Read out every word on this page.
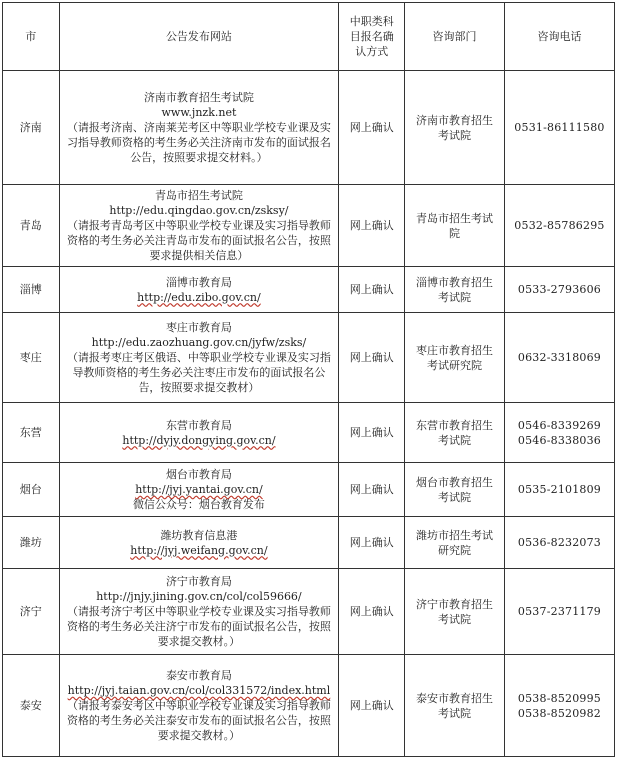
市	公告发布网站	中职类科目报名确认方式	咨询部门	咨询电话
济南	济南市教育招生考试院
www.jnzk.net
（请报考济南、济南莱芜考区中等职业学校专业课及实习指导教师资格的考生务必关注济南市发布的面试报名公告，按照要求提交材料。）	网上确认	济南市教育招生考试院	0531-86111580

青岛	青岛市招生考试院
http://edu.qingdao.gov.cn/zsksy/
（请报考青岛考区中等职业学校专业课及实习指导教师资格的考生务必关注青岛市发布的面试报名公告，按照要求提供相关信息）	网上确认	青岛市招生考试院	0532-85786295

淄博	淄博市教育局
http://edu.zibo.gov.cn/	网上确认	淄博市教育招生考试院	0533-2793606

枣庄	枣庄市教育局
http://edu.zaozhuang.gov.cn/jyfw/zsks/
（请报考枣庄考区俄语、中等职业学校专业课及实习指导教师资格的考生务必关注枣庄市发布的面试报名公告，按照要求提交教材）	网上确认	枣庄市教育招生考试研究院	0632-3318069

东营	东营市教育局
http://dyjy.dongying.gov.cn/	网上确认	东营市教育招生考试院	0546-8339269
0546-8338036

烟台	烟台市教育局
http://jyj.yantai.gov.cn/
微信公众号：烟台教育发布	网上确认	烟台市教育招生考试院	0535-2101809

潍坊	潍坊教育信息港
http://jyj.weifang.gov.cn/	网上确认	潍坊市招生考试研究院	0536-8232073

济宁	济宁市教育局
http://jnjy.jining.gov.cn/col/col59666/
（请报考济宁考区中等职业学校专业课及实习指导教师资格的考生务必关注济宁市发布的面试报名公告，按照要求提交教材。）	网上确认	济宁市教育招生考试院	0537-2371179

泰安	泰安市教育局
http://jyj.taian.gov.cn/col/col331572/index.html
（请报考泰安考区中等职业学校专业课及实习指导教师资格的考生务必关注泰安市发布的面试报名公告，按照要求提交教材。）	网上确认	泰安市教育招生考试院	0538-8520995
0538-8520982
